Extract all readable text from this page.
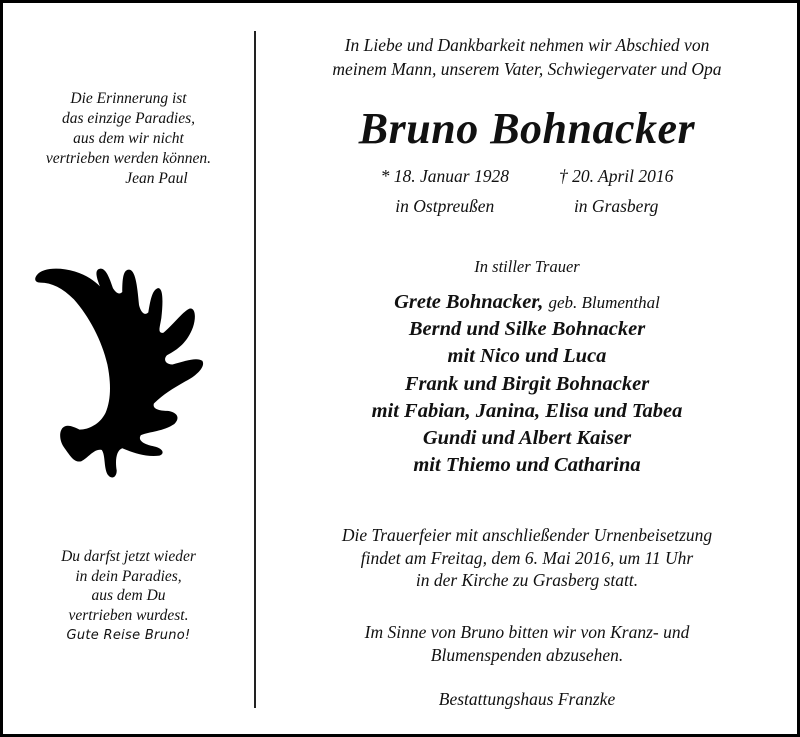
Die Erinnerung ist
das einzige Paradies,
aus dem wir nicht
vertrieben werden können.
Jean Paul
Du darfst jetzt wieder
in dein Paradies,
aus dem Du
vertrieben wurdest.
Gute Reise Bruno!
In Liebe und Dankbarkeit nehmen wir Abschied von
meinem Mann, unserem Vater, Schwiegervater und Opa
Bruno Bohnacker
* 18. Januar 1928
in Ostpreußen
† 20. April 2016
in Grasberg
In stiller Trauer
Grete Bohnacker, geb. Blumenthal
Bernd und Silke Bohnacker
mit Nico und Luca
Frank und Birgit Bohnacker
mit Fabian, Janina, Elisa und Tabea
Gundi und Albert Kaiser
mit Thiemo und Catharina
Die Trauerfeier mit anschließender Urnenbeisetzung
findet am Freitag, dem 6. Mai 2016, um 11 Uhr
in der Kirche zu Grasberg statt.
Im Sinne von Bruno bitten wir von Kranz- und
Blumenspenden abzusehen.
Bestattungshaus Franzke
